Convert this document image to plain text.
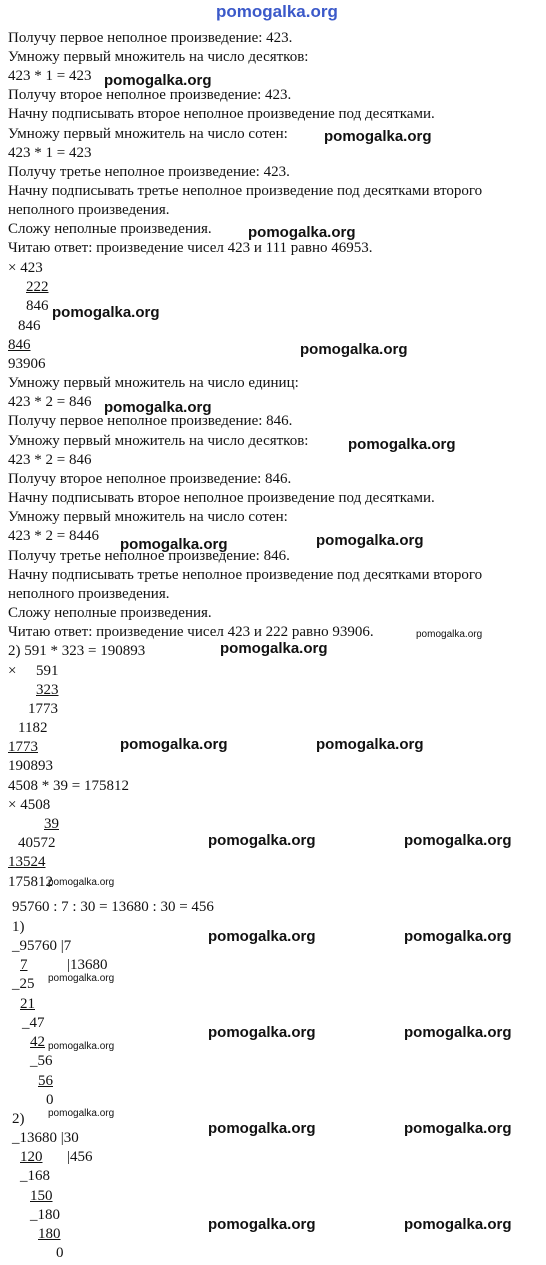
pomogalka.org
Получу первое неполное произведение: 423.
Умножу первый множитель на число десятков:
423 * 1 = 423
Получу второе неполное произведение: 423.
Начну подписывать второе неполное произведение под десятками.
Умножу первый множитель на число сотен:
423 * 1 = 423
Получу третье неполное произведение: 423.
Начну подписывать третье неполное произведение под десятками второго
неполного произведения.
Сложу неполные произведения.
Читаю ответ: произведение чисел 423 и 111 равно 46953.
× 423
222
846
846
846
93906
Умножу первый множитель на число единиц:
423 * 2 = 846
Получу первое неполное произведение: 846.
Умножу первый множитель на число десятков:
423 * 2 = 846
Получу второе неполное произведение: 846.
Начну подписывать второе неполное произведение под десятками.
Умножу первый множитель на число сотен:
423 * 2 = 8446
Получу третье неполное произведение: 846.
Начну подписывать третье неполное произведение под десятками второго
неполного произведения.
Сложу неполные произведения.
Читаю ответ: произведение чисел 423 и 222 равно 93906.
2) 591 * 323 = 190893
× 591
323
1773
1182
1773
190893
4508 * 39 = 175812
× 4508
39
40572
13524
175812
95760 : 7 : 30 = 13680 : 30 = 456
1)
_95760 |7
7	|13680
_25
21
_47
42
_56
56
0
2)
_13680 |30
120 |456
_168
150
_180
180
0
pomogalka.org
pomogalka.org
pomogalka.org
pomogalka.org
pomogalka.org
pomogalka.org
pomogalka.org
pomogalka.org	pomogalka.org
pomogalka.org
pomogalka.org
pomogalka.org	pomogalka.org
pomogalka.org	pomogalka.org
pomogalka.org
pomogalka.org	pomogalka.org
pomogalka.org
pomogalka.org	pomogalka.org
pomogalka.org
pomogalka.org
pomogalka.org	pomogalka.org
pomogalka.org	pomogalka.org
